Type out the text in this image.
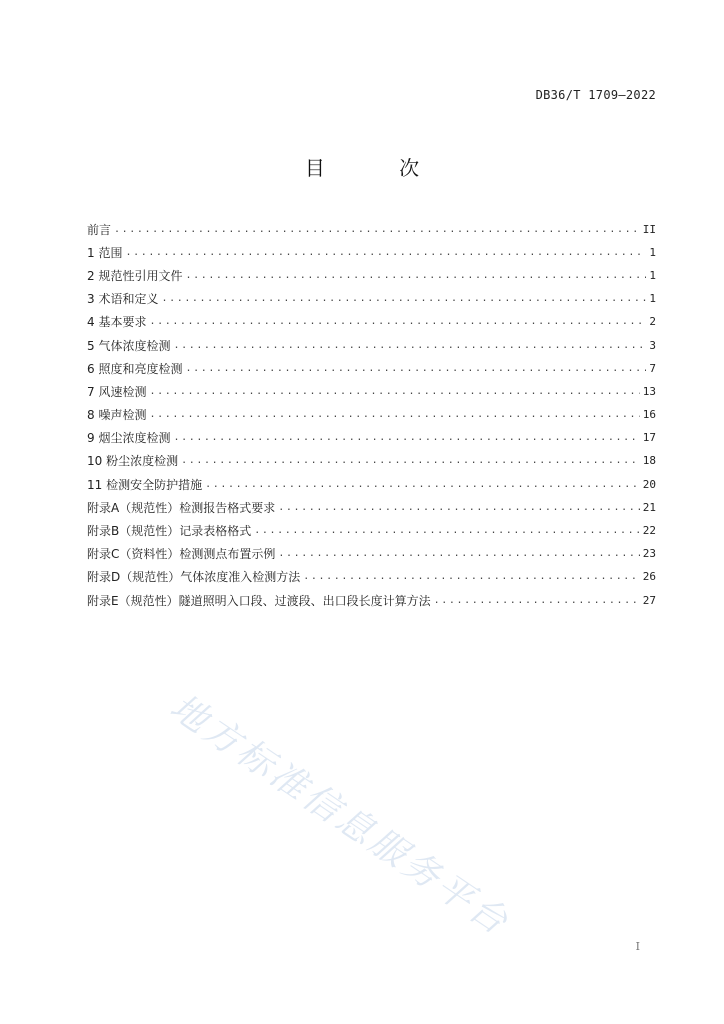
DB36/T 1709—2022
目 次
前言 .....	II
1 范围 .....	1
2 规范性引用文件 .....	1
3 术语和定义 .....	1
4 基本要求 .....	2
5 气体浓度检测 .....	3
6 照度和亮度检测 .....	7
7 风速检测 .....	13
8 噪声检测 .....	16
9 烟尘浓度检测 .....	17
10 粉尘浓度检测 .....	18
11 检测安全防护措施 .....	20
附录A（规范性）检测报告格式要求 .....	21
附录B（规范性）记录表格格式 .....	22
附录C（资料性）检测测点布置示例 .....	23
附录D（规范性）气体浓度准入检测方法 .....	26
附录E（规范性）隧道照明入口段、过渡段、出口段长度计算方法 .....	27
地方标准信息服务平台
I
